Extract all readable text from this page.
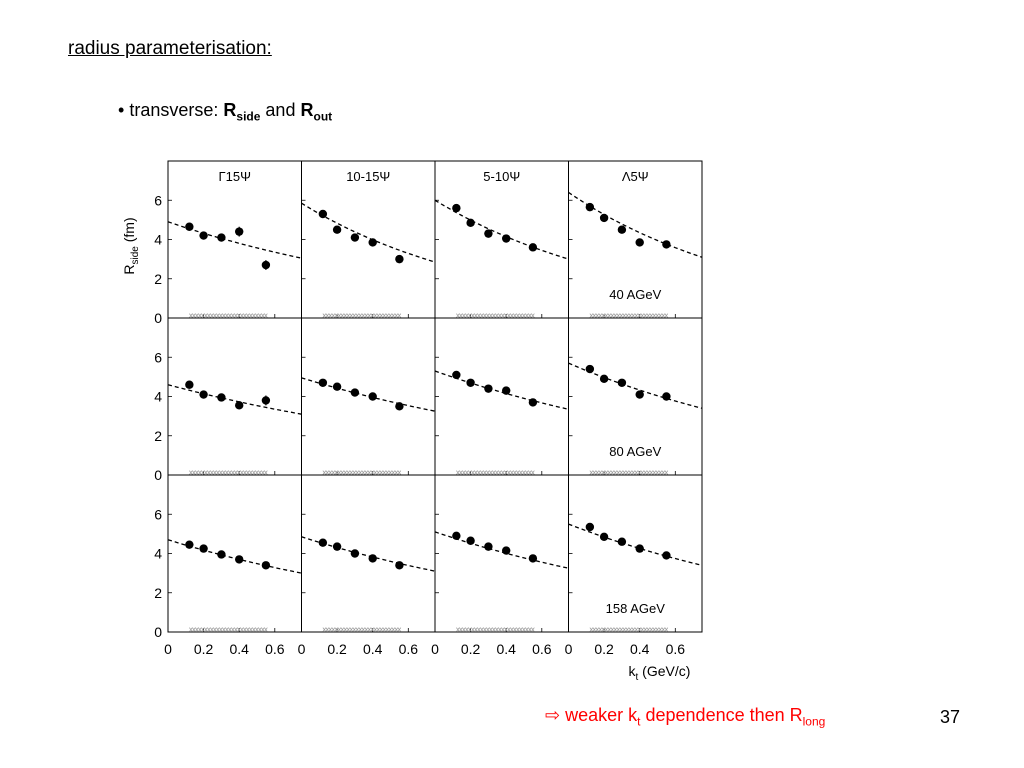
radius parameterisation:
• transverse: $R_{side}$ and $R_{out}$
Γ15Ψ	10-15Ψ	5-10Ψ	Λ5Ψ
40 AGeV
80 AGeV
158 AGeV
0
2
4
6
0
2
4
6
0
2
4
6
0 0.2 0.4 0.6 0 0.2 0.4 0.6 0 0.2 0.4 0.6 0 0.2 0.4 0.6
$R_{side}$ (fm)
$k_t$ (GeV/c)
⇨ weaker $k_t$ dependence then $R_{long}$	37
